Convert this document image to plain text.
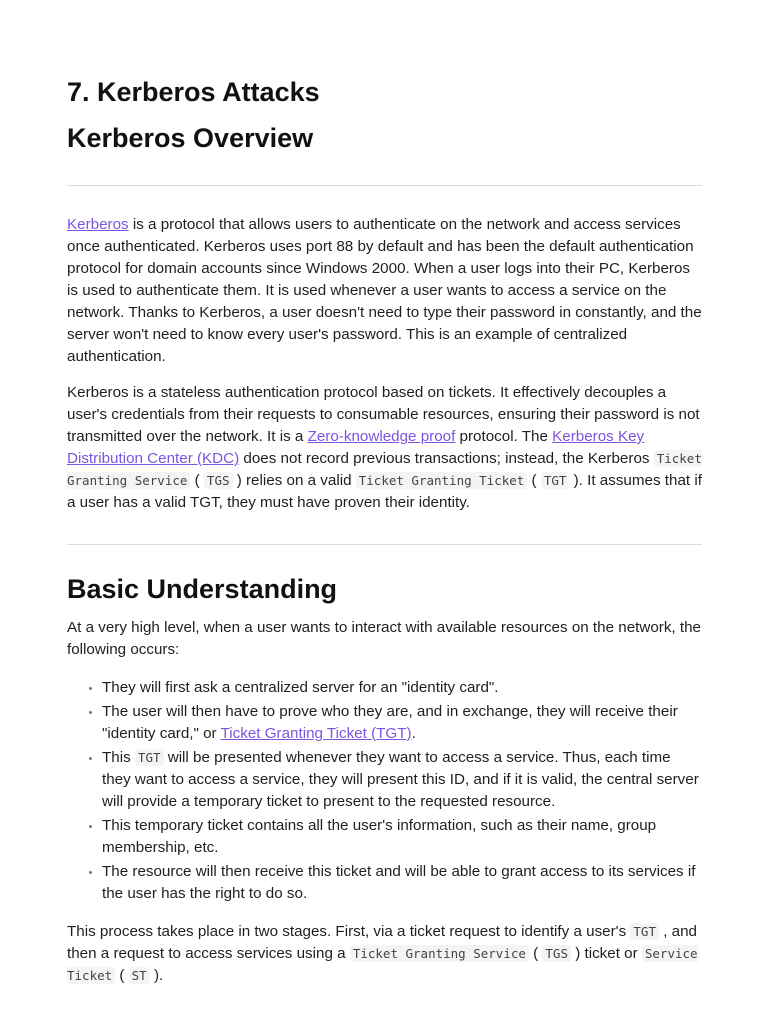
7. Kerberos Attacks
Kerberos Overview

Kerberos is a protocol that allows users to authenticate on the network and access services once authenticated. Kerberos uses port 88 by default and has been the default authentication protocol for domain accounts since Windows 2000. When a user logs into their PC, Kerberos is used to authenticate them. It is used whenever a user wants to access a service on the network. Thanks to Kerberos, a user doesn't need to type their password in constantly, and the server won't need to know every user's password. This is an example of centralized authentication.

Kerberos is a stateless authentication protocol based on tickets. It effectively decouples a user's credentials from their requests to consumable resources, ensuring their password is not transmitted over the network. It is a Zero-knowledge proof protocol. The Kerberos Key Distribution Center (KDC) does not record previous transactions; instead, the Kerberos Ticket Granting Service ( TGS ) relies on a valid Ticket Granting Ticket ( TGT ). It assumes that if a user has a valid TGT, they must have proven their identity.

Basic Understanding

At a very high level, when a user wants to interact with available resources on the network, the following occurs:

• They will first ask a centralized server for an "identity card".
• The user will then have to prove who they are, and in exchange, they will receive their "identity card," or Ticket Granting Ticket (TGT).
• This TGT will be presented whenever they want to access a service. Thus, each time they want to access a service, they will present this ID, and if it is valid, the central server will provide a temporary ticket to present to the requested resource.
• This temporary ticket contains all the user's information, such as their name, group membership, etc.
• The resource will then receive this ticket and will be able to grant access to its services if the user has the right to do so.

This process takes place in two stages. First, via a ticket request to identify a user's TGT , and then a request to access services using a Ticket Granting Service ( TGS ) ticket or Service Ticket ( ST ).
